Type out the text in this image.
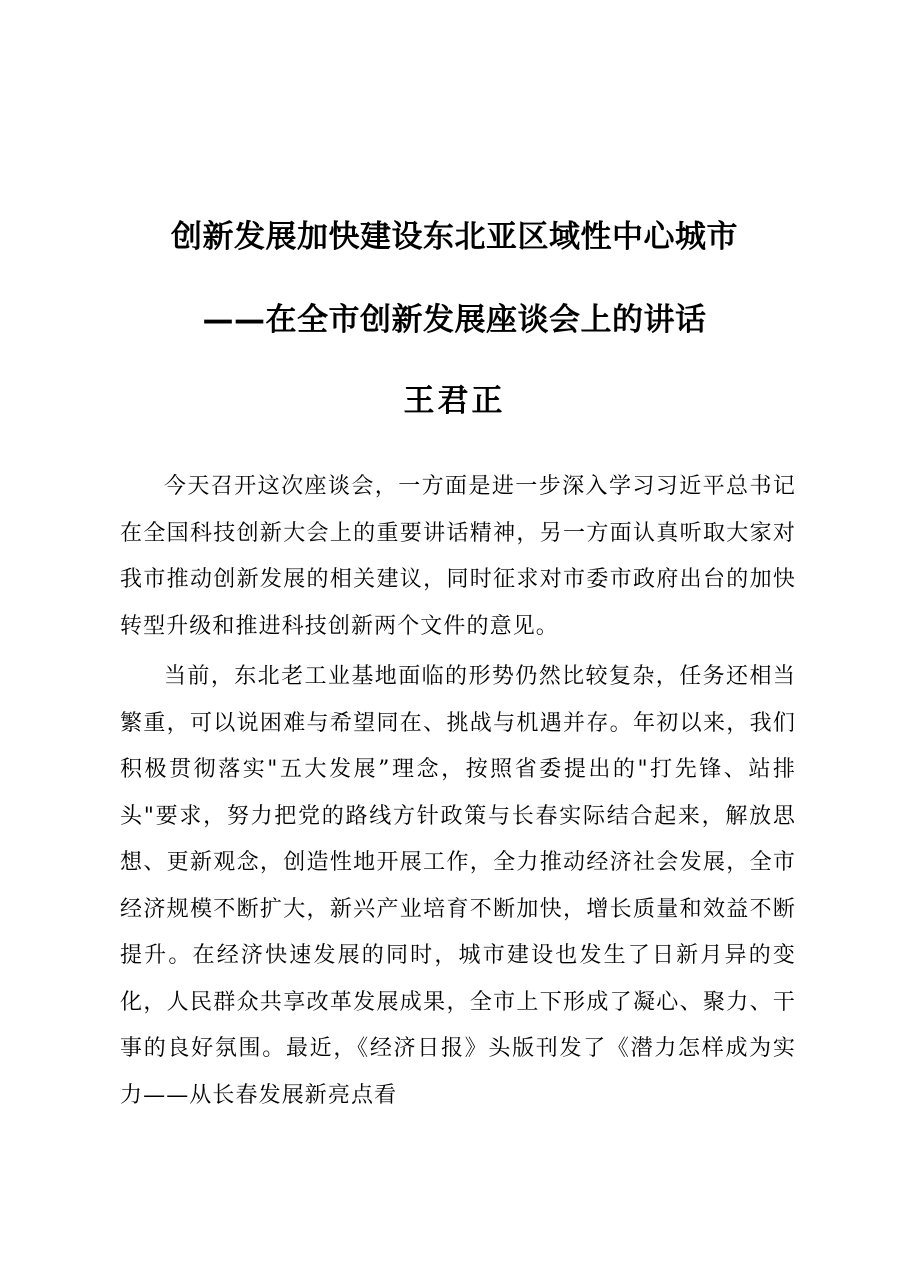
创新发展加快建设东北亚区域性中心城市
——在全市创新发展座谈会上的讲话
王君正

今天召开这次座谈会，一方面是进一步深入学习习近平总书记在全国科技创新大会上的重要讲话精神，另一方面认真听取大家对我市推动创新发展的相关建议，同时征求对市委市政府出台的加快转型升级和推进科技创新两个文件的意见。

当前，东北老工业基地面临的形势仍然比较复杂，任务还相当繁重，可以说困难与希望同在、挑战与机遇并存。年初以来，我们积极贯彻落实"五大发展”理念，按照省委提出的"打先锋、站排头"要求，努力把党的路线方针政策与长春实际结合起来，解放思想、更新观念，创造性地开展工作，全力推动经济社会发展，全市经济规模不断扩大，新兴产业培育不断加快，增长质量和效益不断提升。在经济快速发展的同时，城市建设也发生了日新月异的变化，人民群众共享改革发展成果，全市上下形成了凝心、聚力、干事的良好氛围。最近，《经济日报》头版刊发了《潜力怎样成为实力——从长春发展新亮点看
